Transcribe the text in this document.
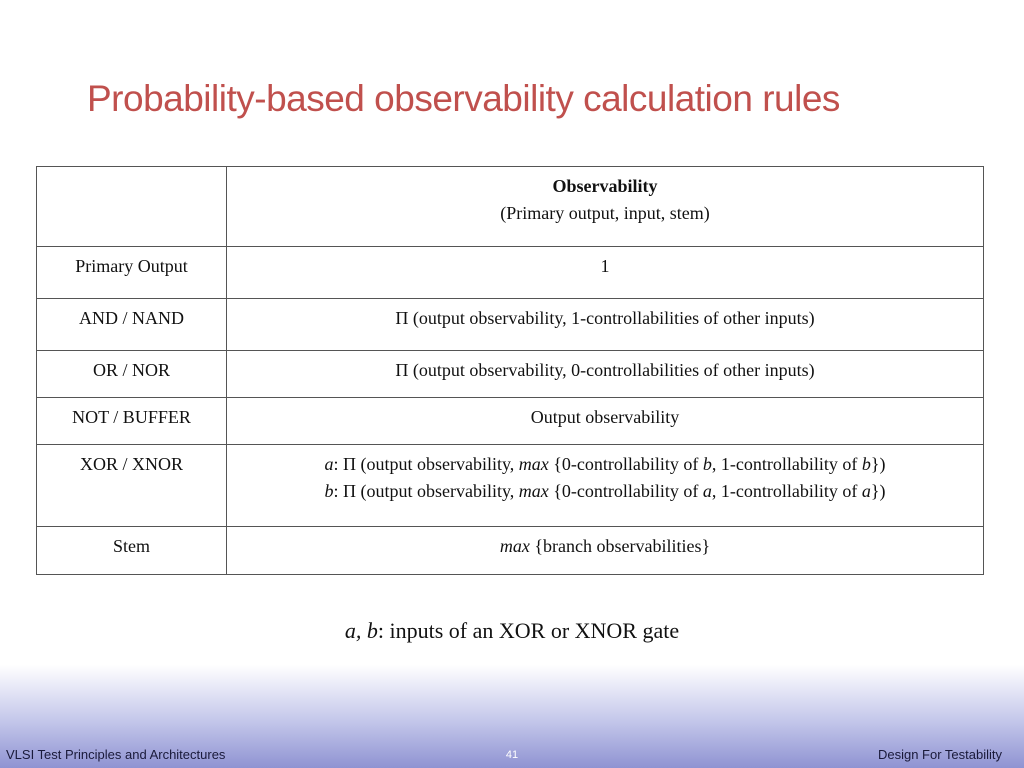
Probability-based observability calculation rules

	Observability
(Primary output, input, stem)

Primary Output	1
AND / NAND	Π (output observability, 1-controllabilities of other inputs)
OR / NOR	Π (output observability, 0-controllabilities of other inputs)
NOT / BUFFER	Output observability
XOR / XNOR	a: Π (output observability, max {0-controllability of b, 1-controllability of b})
b: Π (output observability, max {0-controllability of a, 1-controllability of a})

Stem	max {branch observabilities}
a, b: inputs of an XOR or XNOR gate
VLSI Test Principles and Architectures	41	Design For Testability
